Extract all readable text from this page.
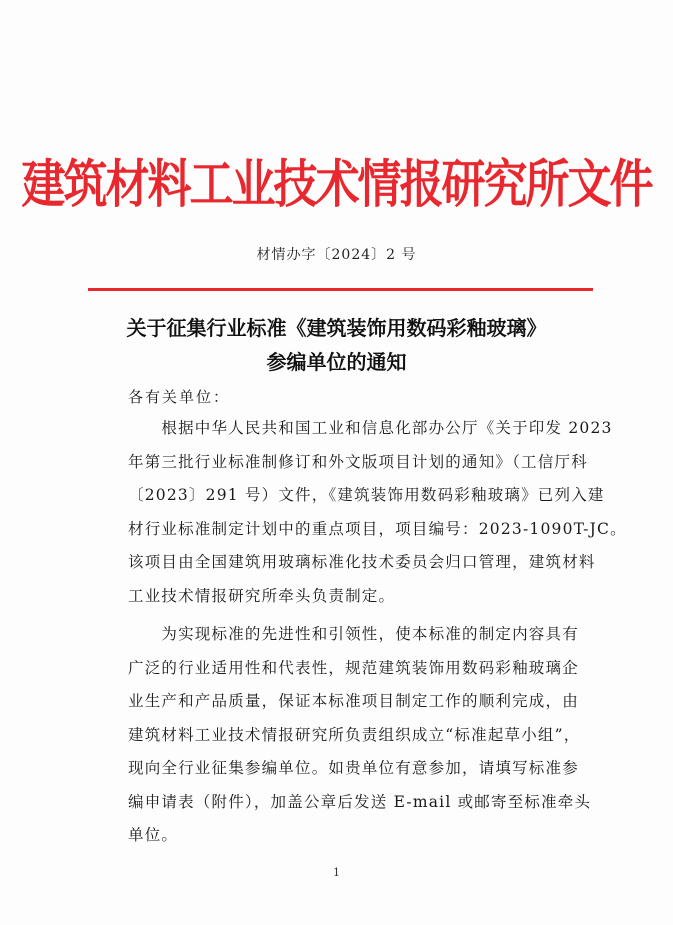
建筑材料工业技术情报研究所文件
材情办字〔2024〕2 号
关于征集行业标准《建筑装饰用数码彩釉玻璃》
参编单位的通知
各有关单位：
　　根据中华人民共和国工业和信息化部办公厅《关于印发 2023
年第三批行业标准制修订和外文版项目计划的通知》（工信厅科
〔2023〕291 号）文件，《建筑装饰用数码彩釉玻璃》已列入建
材行业标准制定计划中的重点项目，项目编号：2023-1090T-JC。
该项目由全国建筑用玻璃标准化技术委员会归口管理，建筑材料
工业技术情报研究所牵头负责制定。
　　为实现标准的先进性和引领性，使本标准的制定内容具有
广泛的行业适用性和代表性，规范建筑装饰用数码彩釉玻璃企
业生产和产品质量，保证本标准项目制定工作的顺利完成，由
建筑材料工业技术情报研究所负责组织成立“标准起草小组”，
现向全行业征集参编单位。如贵单位有意参加，请填写标准参
编申请表（附件），加盖公章后发送 E-mail 或邮寄至标准牵头
单位。
1
